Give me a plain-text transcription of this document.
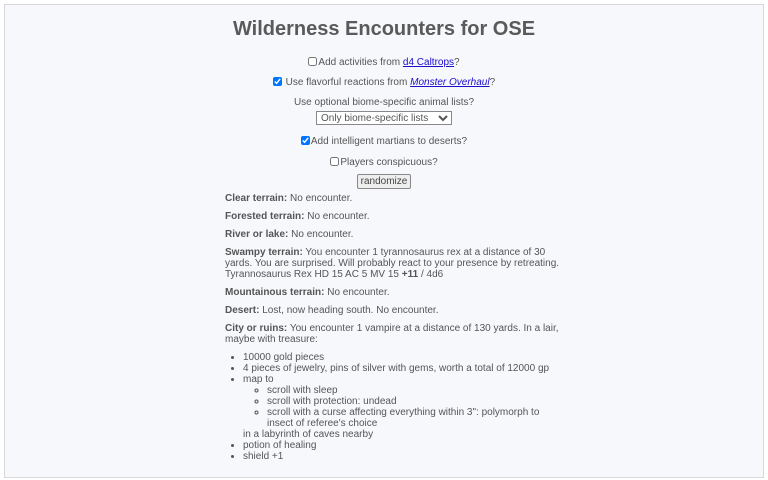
Wilderness Encounters for OSE
Add activities from d4 Caltrops?
Use flavorful reactions from Monster Overhaul?
Use optional biome-specific animal lists?
Only biome-specific lists
Add intelligent martians to deserts?
Players conspicuous?
randomize

Clear terrain: No encounter.

Forested terrain: No encounter.

River or lake: No encounter.

Swampy terrain: You encounter 1 tyrannosaurus rex at a distance of 30 yards. You are surprised. Will probably react to your presence by retreating. Tyrannosaurus Rex HD 15 AC 5 MV 15 +11 / 4d6

Mountainous terrain: No encounter.

Desert: Lost, now heading south. No encounter.

City or ruins: You encounter 1 vampire at a distance of 130 yards. In a lair, maybe with treasure:

• 10000 gold pieces
• 4 pieces of jewelry, pins of silver with gems, worth a total of 12000 gp
• map to
◦ scroll with sleep
◦ scroll with protection: undead
◦ scroll with a curse affecting everything within 3": polymorph to insect of referee's choice
in a labyrinth of caves nearby
• potion of healing
• shield +1
